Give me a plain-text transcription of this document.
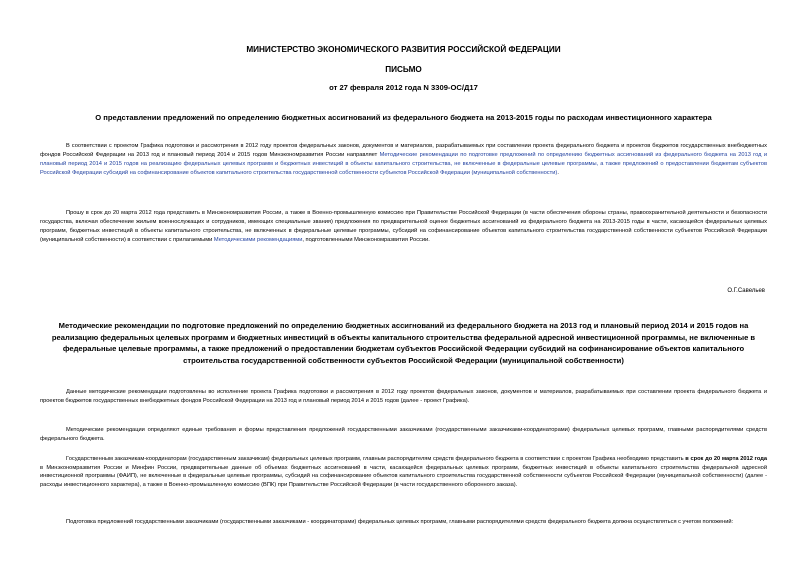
МИНИСТЕРСТВО ЭКОНОМИЧЕСКОГО РАЗВИТИЯ РОССИЙСКОЙ ФЕДЕРАЦИИ
ПИСЬМО
от 27 февраля 2012 года N 3309-ОС/Д17
О представлении предложений по определению бюджетных ассигнований из федерального бюджета на 2013-2015 годы по расходам инвестиционного характера
В соответствии с проектом Графика подготовки и рассмотрения в 2012 году проектов федеральных законов, документов и материалов, разрабатываемых при составлении проекта федерального бюджета и проектов бюджетов государственных внебюджетных фондов Российской Федерации на 2013 год и плановый период 2014 и 2015 годов Минэкономразвития России направляет Методические рекомендации по подготовке предложений по определению бюджетных ассигнований из федерального бюджета на 2013 год и плановый период 2014 и 2015 годов на реализацию федеральных целевых программ и бюджетных инвестиций в объекты капитального строительства, не включенные в федеральные целевые программы, а также предложений о предоставлении бюджетам субъектов Российской Федерации субсидий на софинансирование объектов капитального строительства государственной собственности субъектов Российской Федерации (муниципальной собственности).
Прошу в срок до 20 марта 2012 года представить в Минэкономразвития России, а также в Военно-промышленную комиссию при Правительстве Российской Федерации (в части обеспечения обороны страны, правоохранительной деятельности и безопасности государства, включая обеспечение жильем военнослужащих и сотрудников, имеющих специальные звания) предложения по предварительной оценке бюджетных ассигнований из федерального бюджета на 2013-2015 годы в части, касающейся федеральных целевых программ, бюджетных инвестиций в объекты капитального строительства, не включенных в федеральные целевые программы, субсидий на софинансирование объектов капитального строительства государственной собственности субъектов Российской Федерации (муниципальной собственности) в соответствии с прилагаемыми Методическими рекомендациями, подготовленными Минэкономразвития России.
О.Г.Савельев
Методические рекомендации по подготовке предложений по определению бюджетных ассигнований из федерального бюджета на 2013 год и плановый период 2014 и 2015 годов на реализацию федеральных целевых программ и бюджетных инвестиций в объекты капитального строительства федеральной адресной инвестиционной программы, не включенные в федеральные целевые программы, а также предложений о предоставлении бюджетам субъектов Российской Федерации субсидий на софинансирование объектов капитального строительства государственной собственности субъектов Российской Федерации (муниципальной собственности)
Данные методические рекомендации подготовлены во исполнение проекта Графика подготовки и рассмотрения в 2012 году проектов федеральных законов, документов и материалов, разрабатываемых при составлении проекта федерального бюджета и проектов бюджетов государственных внебюджетных фондов Российской Федерации на 2013 год и плановый период 2014 и 2015 годов (далее - проект Графика).
Методические рекомендации определяют единые требования и формы представления предложений государственными заказчиками (государственными заказчиками-координаторами) федеральных целевых программ, главными распорядителями средств федерального бюджета.
Государственным заказчикам-координаторам (государственным заказчикам) федеральных целевых программ, главным распорядителям средств федерального бюджета в соответствии с проектом Графика необходимо представить в срок до 20 марта 2012 года в Минэкономразвития России и Минфин России, предварительные данные об объемах бюджетных ассигнований в части, касающейся федеральных целевых программ, бюджетных инвестиций в объекты капитального строительства федеральной адресной инвестиционной программы (ФАИП), не включенные в федеральные целевые программы, субсидий на софинансирование объектов капитального строительства государственной собственности субъектов Российской Федерации (муниципальной собственности) (далее - расходы инвестиционного характера), а также в Военно-промышленную комиссию (ВПК) при Правительстве Российской Федерации (в части государственного оборонного заказа).
Подготовка предложений государственными заказчиками (государственными заказчиками - координаторами) федеральных целевых программ, главными распорядителями средств федерального бюджета должна осуществляться с учетом положений:
